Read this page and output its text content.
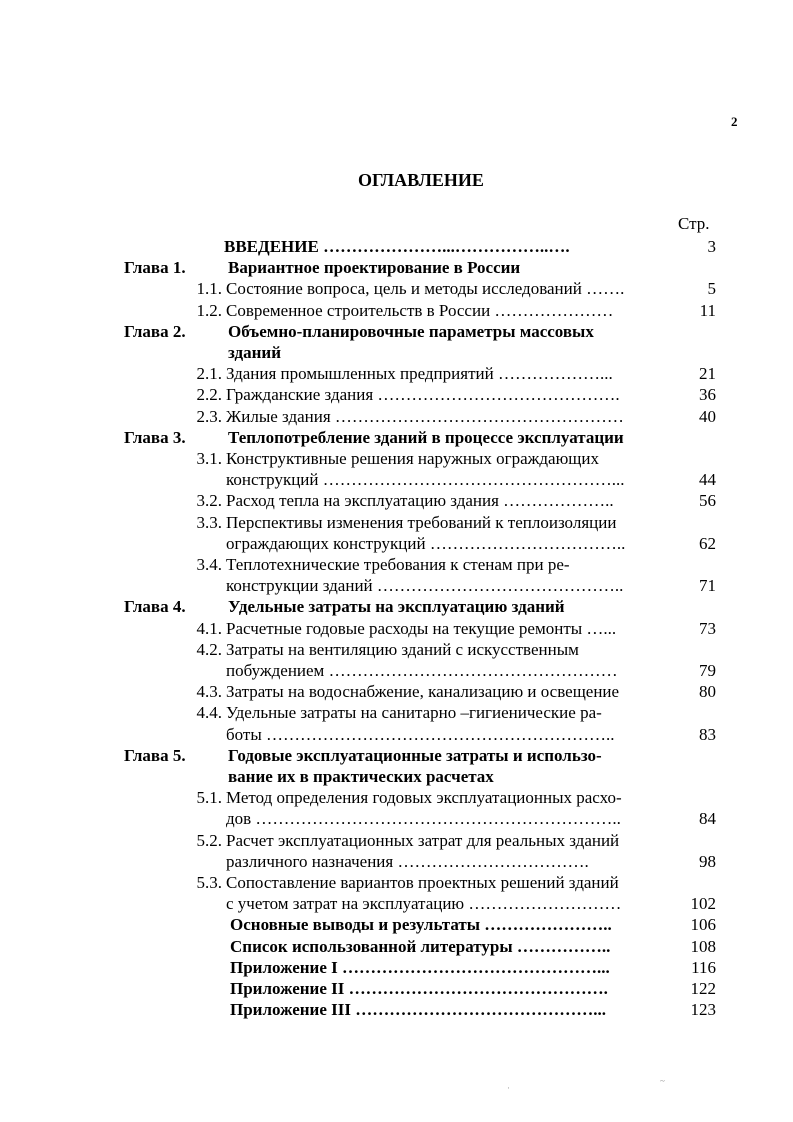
2
ОГЛАВЛЕНИЕ
Стр.
ВВЕДЕНИЕ …………………...……………..….	3
Глава 1. Вариантное проектирование в России
1.1. Состояние вопроса, цель и методы исследований …….	5
1.2. Современное строительств в России …………………	11
Глава 2. Объемно-планировочные параметры массовых
зданий
2.1. Здания промышленных предприятий ………………...	21
2.2. Гражданские здания …………………………………….	36
2.3. Жилые здания ……………………………………………	40
Глава 3. Теплопотребление зданий в процессе эксплуатации
3.1. Конструктивные решения наружных ограждающих
конструкций ……………………………………………...	44
3.2. Расход тепла на эксплуатацию здания ………………..	56
3.3. Перспективы изменения требований к теплоизоляции
ограждающих конструкций ……………………………..	62
3.4. Теплотехнические требования к стенам при ре-
конструкции зданий ……………………………………..	71
Глава 4. Удельные затраты на эксплуатацию зданий
4.1. Расчетные годовые расходы на текущие ремонты …...	73
4.2. Затраты на вентиляцию зданий с искусственным
побуждением ……………………………………………	79
4.3. Затраты на водоснабжение, канализацию и освещение	80
4.4. Удельные затраты на санитарно –гигиенические ра-
боты ……………………………………………………..	83
Глава 5. Годовые эксплуатационные затраты и использо-
вание их в практических расчетах
5.1. Метод определения годовых эксплуатационных расхо-
дов ………………………………………………………..	84
5.2. Расчет эксплуатационных затрат для реальных зданий
различного назначения …………………………….	98
5.3. Сопоставление вариантов проектных решений зданий
с учетом затрат на эксплуатацию ………………………	102
Основные выводы и результаты …………………..	106
Список использованной литературы ……………..	108
Приложение I ………………………………………...	116
Приложение II ……………………………………….	122
Приложение III ……………………………………...	123
~
·
